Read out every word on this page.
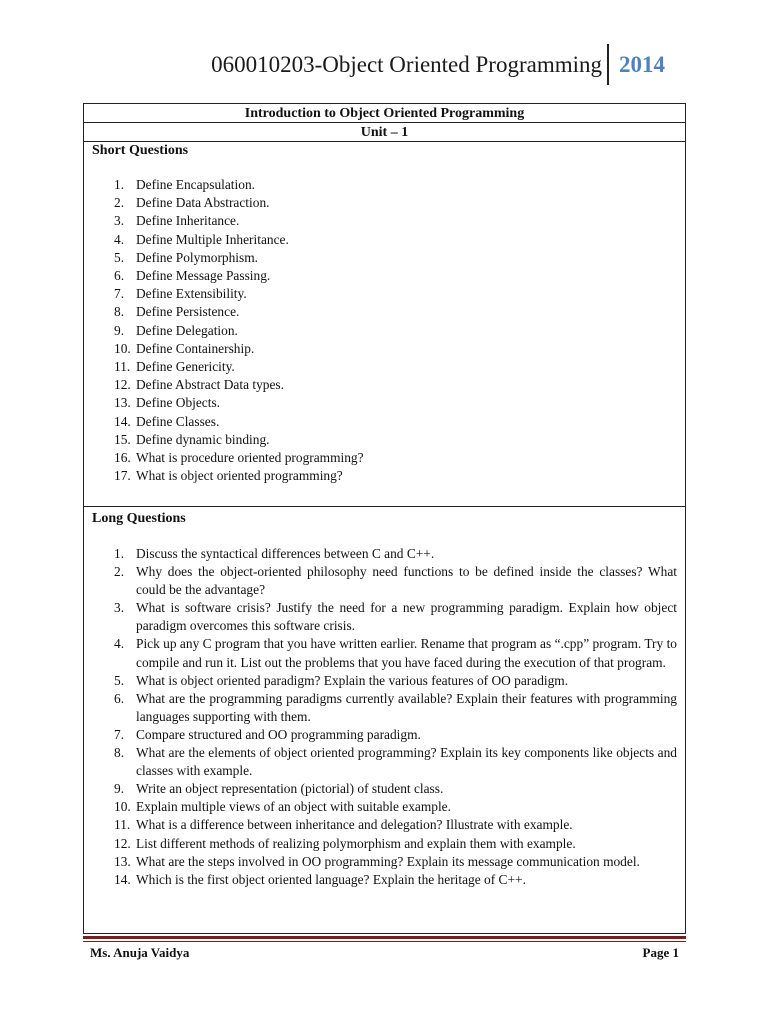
060010203-Object Oriented Programming 2014
Introduction to Object Oriented Programming
Unit – 1
Short Questions
1. Define Encapsulation.
2. Define Data Abstraction.
3. Define Inheritance.
4. Define Multiple Inheritance.
5. Define Polymorphism.
6. Define Message Passing.
7. Define Extensibility.
8. Define Persistence.
9. Define Delegation.
10. Define Containership.
11. Define Genericity.
12. Define Abstract Data types.
13. Define Objects.
14. Define Classes.
15. Define dynamic binding.
16. What is procedure oriented programming?
17. What is object oriented programming?
Long Questions
1. Discuss the syntactical differences between C and C++.
2. Why does the object-oriented philosophy need functions to be defined inside the classes? What could be the advantage?
3. What is software crisis? Justify the need for a new programming paradigm. Explain how object paradigm overcomes this software crisis.
4. Pick up any C program that you have written earlier. Rename that program as “.cpp” program. Try to compile and run it. List out the problems that you have faced during the execution of that program.
5. What is object oriented paradigm? Explain the various features of OO paradigm.
6. What are the programming paradigms currently available? Explain their features with programming languages supporting with them.
7. Compare structured and OO programming paradigm.
8. What are the elements of object oriented programming? Explain its key components like objects and classes with example.
9. Write an object representation (pictorial) of student class.
10. Explain multiple views of an object with suitable example.
11. What is a difference between inheritance and delegation? Illustrate with example.
12. List different methods of realizing polymorphism and explain them with example.
13. What are the steps involved in OO programming? Explain its message communication model.
14. Which is the first object oriented language? Explain the heritage of C++.
Ms. Anuja Vaidya	Page 1
